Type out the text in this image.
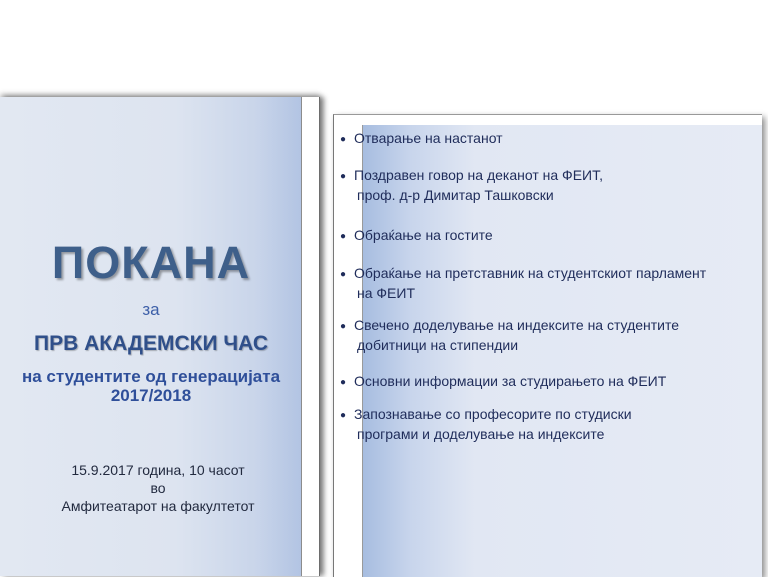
ПОКАНА
за
ПРВ АКАДЕМСКИ ЧАС
на студентите од генерацијата
2017/2018
15.9.2017 година, 10 часот
во
Амфитеатарот на факултетот
● Отварање на настанот
● Поздравен говор на деканот на ФЕИТ,
проф. д-р Димитар Ташковски
● Обраќање на гостите
● Обраќање на претставник на студентскиот парламент
на ФЕИТ
● Свечено доделување на индексите на студентите
добитници на стипендии
● Основни информации за студирањето на ФЕИТ
● Запознавање со професорите по студиски
програми и доделување на индексите
